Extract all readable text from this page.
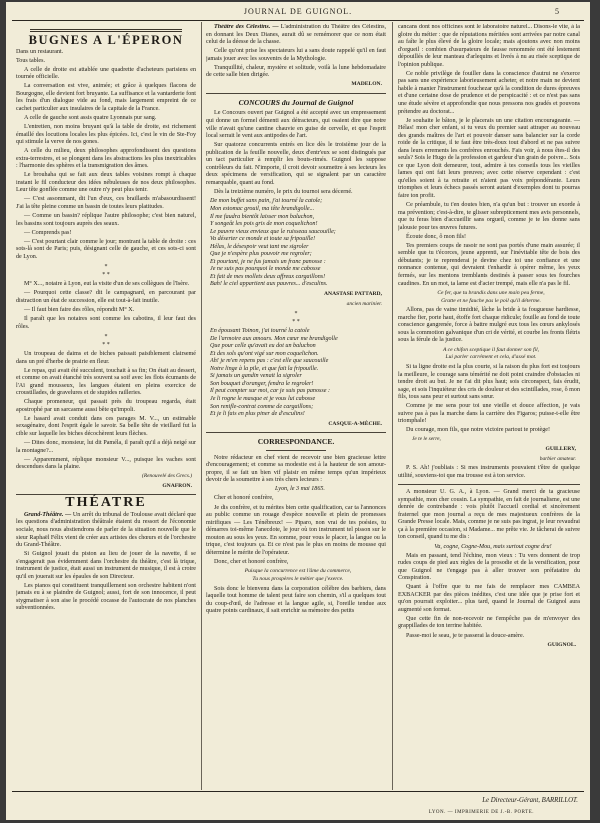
JOURNAL DE GUIGNOL.	5
BUGNES A L'ÉPERON

Dans un restaurant.

Tous tables.

A celle de droite est attablée une quadrette d'acheteurs parisiens en tournée officielle.

La conversation est vive, animée; et grâce à quelques flacons de Bourgogne, elle devient fort bruyante. La suffisance et la vantarderie font les frais d'un dialogue vide au fond, mais largement empreint de ce cachet particulier aux insulaires de la capitale de la France.

A celle de gauche sont assis quatre Lyonnais pur sang.

L'entretien, non moins bruyant qu'à la table de droite, est richement émaillé des locutions locales les plus épicées. Ici, c'est le vin de Ste-Foy qui stimule la verve de nos gones.

A celle du milieu, deux philosophes approfondissent des questions extra-terrestres, et se plongent dans les abstractions les plus inextricables : l'harmonie des sphères et la transmigration des âmes.

Le brouhaha qui se fait aux deux tables voisines rompt à chaque instant le fil conducteur des idées nébuleuses de nos deux philosophes. Leur tête gonflée comme une outre n'y peut plus tenir.

— C'est assommant, dit l'un d'eux, ces braillards m'abasourdissent! J'ai la tête pleine comme un bassin de toutes leurs platitudes.

— Comme un bassin? réplique l'autre philosophe; c'est bien naturel, les bassins sont toujours auprès des seaux.

— Comprends pas!

— C'est pourtant clair comme le jour; montrant la table de droite : ces sots-là sont de Paris; puis, désignant celle de gauche, et ces sots-ci sont de Lyon.

*
* *

M° X..., notaire à Lyon, eut la visite d'un de ses collègues de l'Isère.

— Pourquoi cette classe? dit le campagnard, en parcourant par distraction un état de succession, elle est tout-à-fait inutile.

— Il faut bien faire des rôles, répondit M° X.

Il paraît que les notaires sont comme les cabotins, il leur faut des rôles.

*
* *

Un troupeau de daims et de biches paissait paisiblement clairsemé dans un pré d'herbe de prairie en fleur.

Le repas, qui avait été succulent, touchait à sa fin; On était au dessert, et comme on avait étanché très souvent sa soif avec les flots écumants de l'Aï grand mousseux, les langues étaient en pleins exercice de croustillades, de gravelures et de stupides railleries.

Chaque promeneur, qui passait près du troupeau regarda, était apostrophé par un sarcasme aussi bête qu'impoli.

Le hasard avait conduit dans ces parages M. V..., un estimable sexagénaire, dont l'esprit égale le savoir. Sa belle tête de vieillard fut la cible sur laquelle les biches décochèrent leurs flèches.

— Dites donc, monsieur, lui dit Paméla, il paraît qu'il a déjà neigé sur la montagne?...

— Apparemment, réplique monsieur V..., puisque les vaches sont descendues dans la plaine.

(Renouvelé des Grecs.)
GNAFRON.
THÉATRE

Grand-Théâtre. — Un arrêt du tribunal de Toulouse avait déclaré que les questions d'administration théâtrale étaient du ressort de l'économie sociale, nous nous abstiendrons de parler de la situation nouvelle que le sieur Raphaël Félix vient de créer aux artistes des chœurs et de l'orchestre du Grand-Théâtre.

Si Guignol jouait du piston au lieu de jouer de la navette, il se s'engagerait pas évidemment dans l'orchestre du théâtre, c'est là trique, instrument de justice, était aussi un instrument de musique, il est à croire qu'il en jouerait sur les épaules de son Directeur.

Les pianos qui constituent tranquillement son orchestre habitent n'ont jamais eu à se plaindre de Guignol; aussi, fort de son innocence, il peut stygmatiser à son aise le procédé cocasse de l'autocrate de nos planches subventionnées.

Théâtre des Célestins. — L'administration du Théâtre des Célestins, en donnant les Deux Dianes, aurait dû se remémorer que ce nom était celui de la déesse de la chasse.

Celle qu'ont prise les spectateurs lui a sans doute rappelé qu'il en faut jamais jouer avec les souvenirs de la Mythologie.

Tranquillité, chaleur, mystère et solitude, voilà la lune hebdomadaire de cette salle bien dirigée.

MADELON.
CONCOURS du Journal de Guignol

Le Concours ouvert par Guignol a été accepté avec un empressement qui donne un formel démenti aux détracteurs, qui osaient dire que notre ville n'avait qu'une cantine chauvie en guise de cervelle, et que l'esprit local serrait le vent aux antipodes de l'art.

Sur quatorze concurrents entrés en lice dès le troisième jour de la publication de la feuille nouvelle, deux d'entr'eux se sont distingués par un tact particulier à remplir les bouts-rimés. Guignol les suppose contrôleurs du fait. N'importe, il croit devoir soumettre à ses lecteurs les deux spécimens de versification, qui se signalent par un caractère remarquable, quant au fond.

Dès la treizième numéro, le prix du tournoi sera décerné.

De mon buffet sans pain, j'ai tourné la catole;
Mon estomac grouil, ma tête brandigolle...
Il me faudra bientôt laisser mon baluchon,
Y songeât les pois gris de mon coquelichon!
Le pauvre vieux envieux que le ruisseau saucouille;
Va déserter ce monde et toute sa fripouille!
Hélas, le désespoir veut tant me sigroler
Que je n'espère plus pouvoir me regroler;
Et pourtant, je ne fus jamais un franc panosse :
Je ne suis pas pourquoi le monde me cabosse
Et fait de mes mollets deux affreux cargaillons!
Bah! le ciel appartient aux pauvres... d'esculins.
ANASTASE PATTARD,
ancien marinier.
*
* *
En épousant Toinon, j'ai tourné la catole
De l'armoire aux amours. Mon cœur me brandigolle
Que pour celle qu'avait eu dot un baluchon
Et des sols qu'ont vigé sur mon coquelichon.
Ah! je m'en repens pas : c'est elle que saucouille
Notre linge à la pile, et que fait la fripouille.
Si jamais un gandin venait la sigroler
Son bouquet d'oranger, fendra le regroler!
Il peut compter sur moi, car je suis pas panosse :
Je li rogne le masque et je vous lui cabosse
Son renifle-contrat comme de cargaillons;
Et je li fais en plus piner de d'esculins!
CASQUE-A-MÈCHE.
CORRESPONDANCE.

Notre rédacteur en chef vient de recevoir une bien gracieuse lettre d'encouragement; et comme sa modestie est à la hauteur de son amour-propre, il se fait un bien vif plaisir en même temps qu'un impérieux devoir de la soumettre à ses très chers lecteurs :

Lyon, le 3 mai 1865.

Cher et honoré confrère,

Je dis confrère, et tu mérites bien cette qualification, car ta l'annonces au public comme un rouage d'espèce nouvelle et plein de promesses mirifiques — Les Ténébreux! — Piparo, non vrai de tes poésies, tu démarres toi-même l'anecdote, le jour où ton instrument tel pisson sur le mouton au sous les yeux. En somme, pour vous le placer, la langue ou la trique, c'est toujours ça. Et ce n'est pas le plus en moins de mousse qui détermine le mérite de l'opérateur.

Donc, cher et honoré confrère,

Puisque la concurrence est l'âme du commerce,
Tu nous prospères le métier que j'exerce.

Sois donc le bienvenu dans la corporation célèbre des barbiers, dans laquelle tout homme de talent peut faire son chemin, s'il a quelques tout du coup-d'œil, de l'adresse et la langue agile, si, l'oreille tendue aux quatre points cardinaux, il sait enrichir sa mémoire des petits

cancans dont nos officines sont le laboratoire naturel... Disons-le vite, à la gloire du métier : que de réputations méritées sont arrivées par notre canal au faîte le plus élevé de la gloire locale; mais ajoutons avec non moins d'orgueil : combien d'usurpateurs de fausse renommée ont été lestement dépouillés de leur manteau d'arlequins et livrés à nu au risée sceptique de l'opinion publique.

Ce noble privilège de fouiller dans la conscience d'autrui ne s'exerce pas sans une expérience laborieusement acheter, et notre main ne devient habile à manier l'instrument fouchezar qu'à la condition de dures épreuves et d'une certaine dose de prudence et de perspicacité : et ce n'est pas sans une étude sévère et approfondie que nous pressons nos gradés et pouvons prétendre au doctorat...

Je souhaite le bâton, je le placerais un une citation encourageante. — Hélas! mon cher enfant, si tu veux du premier saut attraper au nouveau des grands maîtres de l'art et pouvoir danser sans balancier sur la corde roide de la critique, il te faut être très-doux tout d'abord et ne pas suivre dans leurs errements les confrères enrouchés. Fais voir, à nous êtes-il des seuls? Sois le Hugo de la profession et gardeur d'un grain de poivre... Sois ce que Lyon doit demeurer, tout, admire à tes conseils tous les vieilles lames qui ont fait leurs preuves; avec cette réserve cependant : c'est qu'elles soient à ta retraite et n'aient pas voix prépondérante. Leurs triomphes et leurs échecs passés seront autant d'exemples dont tu pourras faire ton profit.

Ce préambule, tu t'en doutes bien, n'a qu'un but : trouver un exorde à ma prévention; c'est-à-dire, te glisser subrepticement mes avis personnels, que tu feras bien d'accueillir sans orgueil, comme je te les donne sans jalousie pour tes œuvres futures.

Écoute donc, ô mon fils!

Tes premiers coups de rasoir ne sont pas portés d'une main assurée; il semble que tu t'écorces, jeune apprenti, sur l'inévitable tête de bois des débutants; je te reprenderai je devine chez toi une confiance et une nonnance contenue, qui devraient t'enhardir à opérer même, les yeux fermés, sur les mentons tremblants destinés à passer sous tes fourches caudines. En un mot, ta lame est d'acier trempé, mais elle n'a pas le fil.

Ce fer, que tu brandis dans une main peu ferme,
Gratte et ne fauche pas le poil qu'il déterme.

Allons, pas de vaine timidité, lâche la bride à ta fougueuse hardiesse, marche fier, porte haut, étoffe fort chaque ridicule; fouille au fond de toute conscience gangrenée, force à battre mulgré eux tous les cœurs ankylosés sous la commotion galvanique d'un cri de vérité, et courbe les fronts flétris sous la férule de la justice.

A ce chifon sceptique il faut donner son fil,
Lui parler carrément et cela, d'assé mot.

Si ta ligne droite est la plus courte, si la raison du plus fort est toujours la meilleure, le courage sans témérité ne doit point craindre d'obstacles ni tendre droit au but. Je ne t'ai dit plus haut; sois circonspect, fais érudit, sage, et sois l'inquiéteur des cris de douleur et des scintillades, rose, ô mon fils, tous sans peur et surtout sans sœur.

Comme je me sens pour toi une vieille et douce affection, je vais suivre pas à pas la marche dans la carrière des Figaros; puisse-t-elle être triomphale!

Du courage, mon fils, que notre victoire partout te protège!

Je te le serre,
GUILLERY,
barbier amateur.

P. S. Ah! j'oubliais : Si mes instruments pouvaient t'être de quelque utilité, souviens-toi que ma trousse est à ton service.

A monsieur U. G. A., à Lyon. — Grand merci de ta gracieuse sympathie, mon cher cousin. La sympathie, en fait de journalisme, est une denrée de contrebande : vois plutôt l'accueil cordial et sincèrement fraternel que mon journal a reçu de mes majestueux confrères de la Grande Presse locale. Mais, comme je ne suis pas ingrat, je leur revaudrai ça à la première occasion, si Madame... me prête vie. Je tâcherai de suivre ton conseil, quand tu me dis :

Va, cogne, Cogne-Mou, mais surtout cogne dru!

Mais en passant, tend l'échine, mon vieux : Tu vers donnent de trop rudes coups de pied aux règles de la prosodie et de la versification, pour que Guignol ne t'engage pas à aller trouver son préfatatire du Conspiration.

Quant à l'offre que tu me fais de remplacer mes CAMBEA EXBACKER par des pièces inédites, c'est une idée que je prise fort et qu'on pourrait exploiter... plus tard, quand le Journal de Guignol aura augmenté son format.

Que cette fin de non-recevoir ne t'empêche pas de m'envoyer des grappillades de ton terrine habitée.

Passe-moi le seau, je te passerai la douce-amère.

GUIGNOL.
Le Directeur-Gérant, BARRILLOT.
LYON. — IMPRIMERIE DE J.-B. PORTE.
